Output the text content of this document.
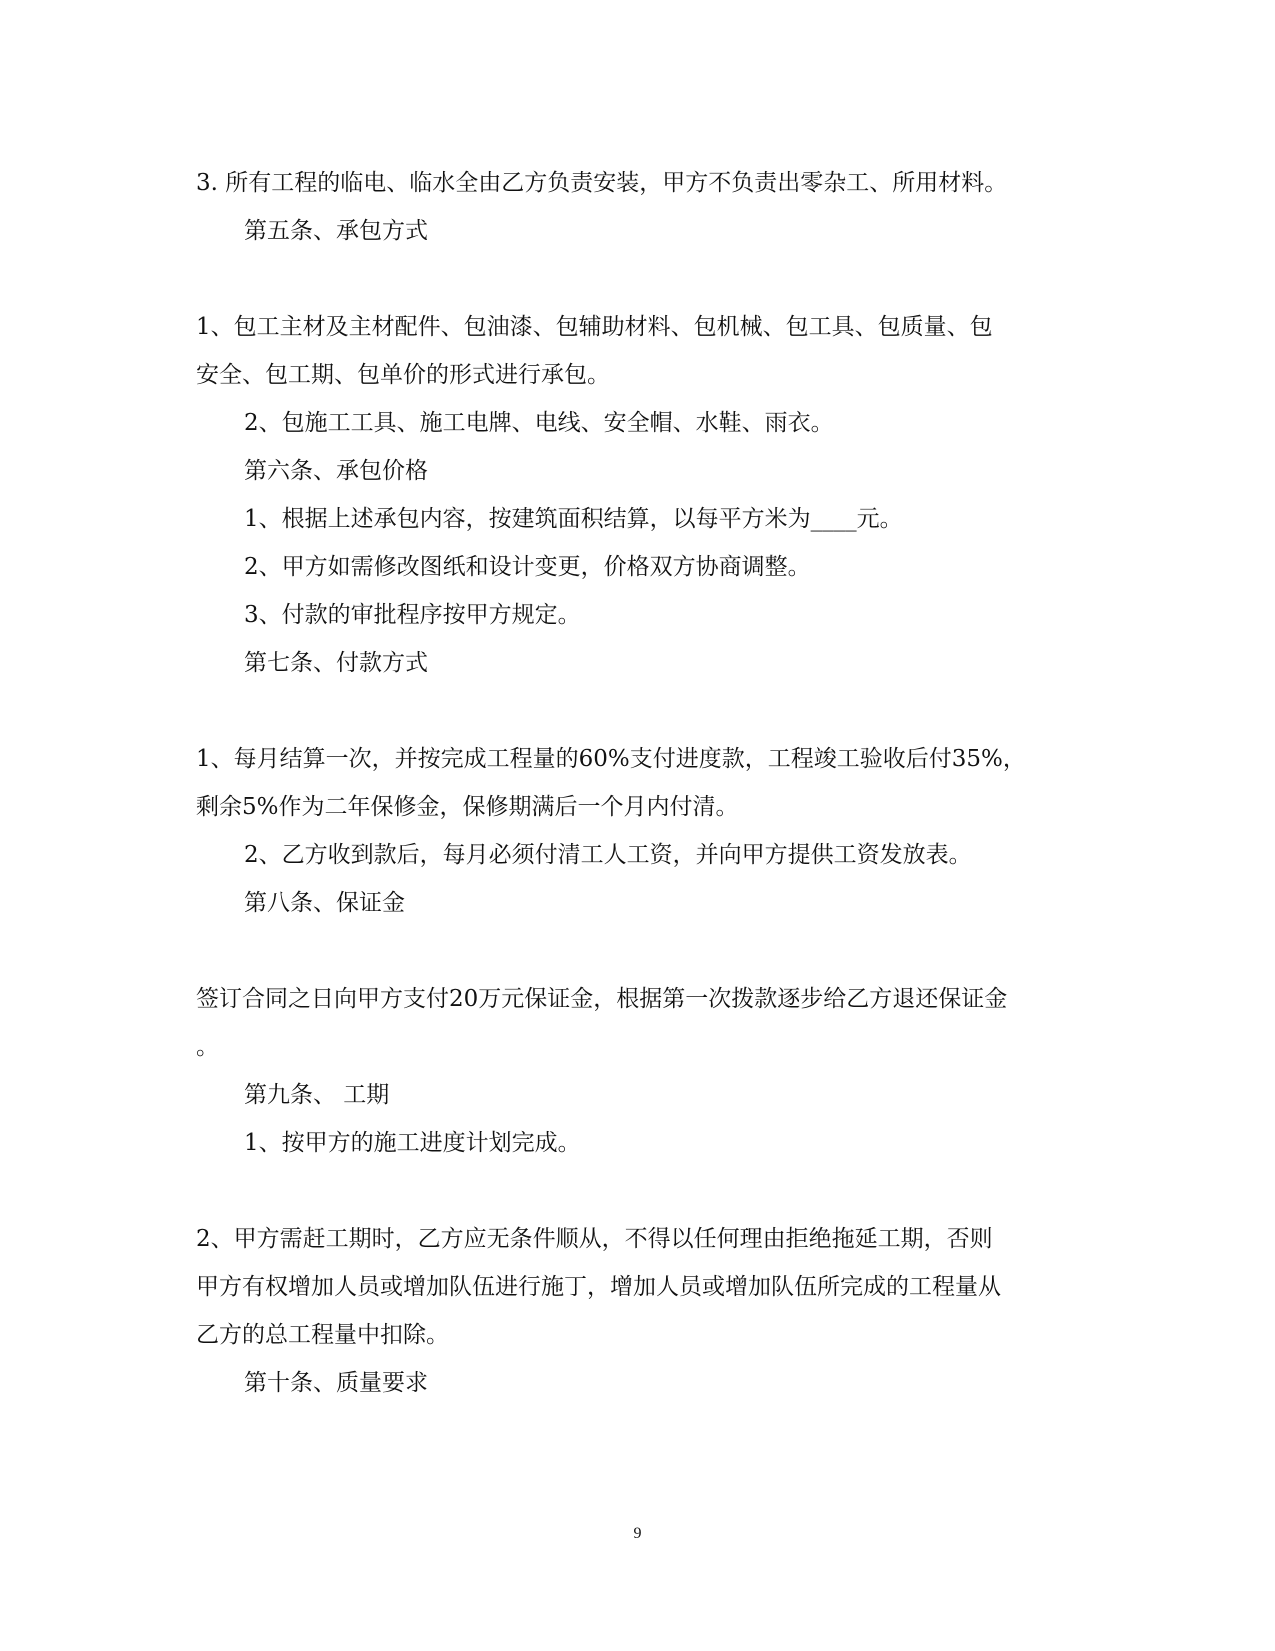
3. 所有工程的临电、临水全由乙方负责安装，甲方不负责出零杂工、所用材料。
第五条、承包方式
1、包工主材及主材配件、包油漆、包辅助材料、包机械、包工具、包质量、包
安全、包工期、包单价的形式进行承包。
2、包施工工具、施工电牌、电线、安全帽、水鞋、雨衣。
第六条、承包价格
1、根据上述承包内容，按建筑面积结算，以每平方米为____元。
2、甲方如需修改图纸和设计变更，价格双方协商调整。
3、付款的审批程序按甲方规定。
第七条、付款方式
1、每月结算一次，并按完成工程量的60%支付进度款，工程竣工验收后付35%，
剩余5%作为二年保修金，保修期满后一个月内付清。
2、乙方收到款后，每月必须付清工人工资，并向甲方提供工资发放表。
第八条、保证金
签订合同之日向甲方支付20万元保证金，根据第一次拨款逐步给乙方退还保证金
。
第九条、 工期
1、按甲方的施工进度计划完成。
2、甲方需赶工期时，乙方应无条件顺从，不得以任何理由拒绝拖延工期，否则
甲方有权增加人员或增加队伍进行施丁，增加人员或增加队伍所完成的工程量从
乙方的总工程量中扣除。
第十条、质量要求
9
